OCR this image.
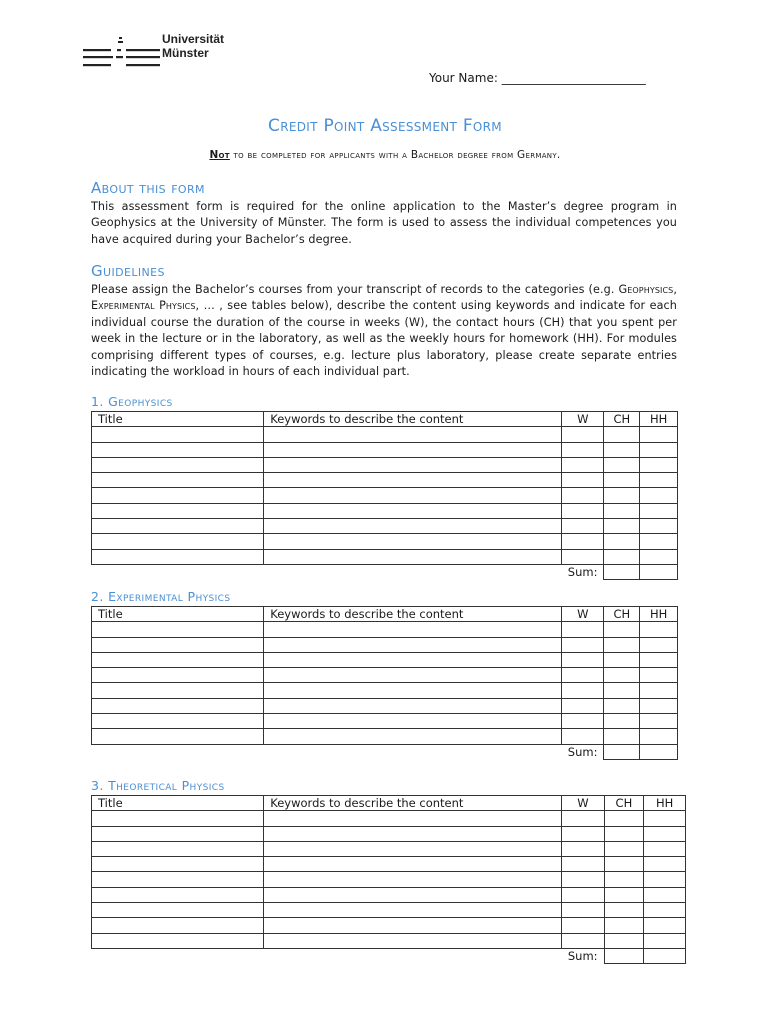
Universität
Münster
Your Name: ________________________
Credit Point Assessment Form
Not to be completed for applicants with a Bachelor degree from Germany.
About this form
This assessment form is required for the online application to the Master’s degree program in Geophysics at the University of Münster. The form is used to assess the individual competences you have acquired during your Bachelor’s degree.
Guidelines
Please assign the Bachelor’s courses from your transcript of records to the categories (e.g. Geophysics, Experimental Physics, … , see tables below), describe the content using keywords and indicate for each individual course the duration of the course in weeks (W), the contact hours (CH) that you spent per week in the lecture or in the laboratory, as well as the weekly hours for homework (HH). For modules comprising different types of courses, e.g. lecture plus laboratory, please create separate entries indicating the workload in hours of each individual part.
1. Geophysics
Title	Keywords to describe the content	W	CH	HH

		Sum:		
2. Experimental Physics
Title	Keywords to describe the content	W	CH	HH

		Sum:		
3. Theoretical Physics
Title	Keywords to describe the content	W	CH	HH

		Sum:		
